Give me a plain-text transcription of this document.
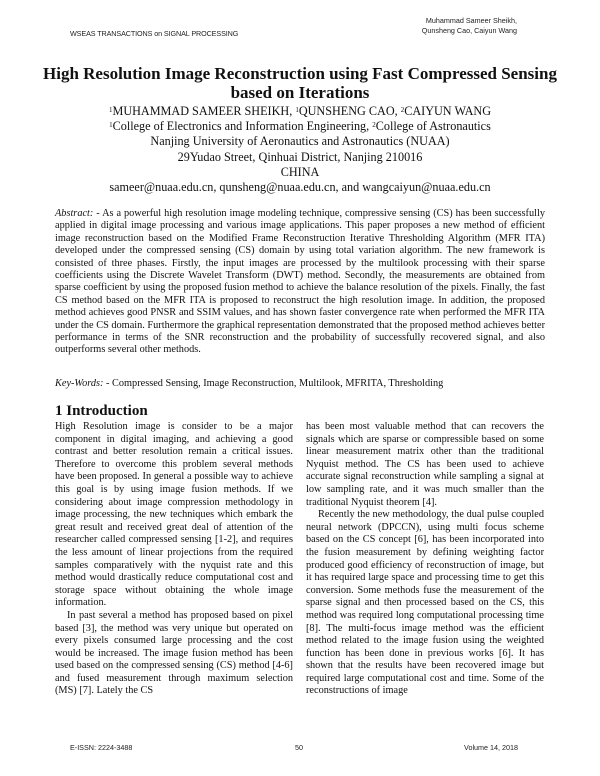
WSEAS TRANSACTIONS on SIGNAL PROCESSING
Muhammad Sameer Sheikh,
Qunsheng Cao, Caiyun Wang
High Resolution Image Reconstruction using Fast Compressed Sensing
based on Iterations
$^1$MUHAMMAD SAMEER SHEIKH, $^1$QUNSHENG CAO, $^2$CAIYUN WANG
$^1$College of Electronics and Information Engineering, $^2$College of Astronautics
Nanjing University of Aeronautics and Astronautics (NUAA)
29Yudao Street, Qinhuai District, Nanjing 210016
CHINA
sameer@nuaa.edu.cn, qunsheng@nuaa.edu.cn, and wangcaiyun@nuaa.edu.cn
Abstract: - As a powerful high resolution image modeling technique, compressive sensing (CS) has been successfully applied in digital image processing and various image applications. This paper proposes a new method of efficient image reconstruction based on the Modified Frame Reconstruction Iterative Thresholding Algorithm (MFR ITA) developed under the compressed sensing (CS) domain by using total variation algorithm. The new framework is consisted of three phases. Firstly, the input images are processed by the multilook processing with their sparse coefficients using the Discrete Wavelet Transform (DWT) method. Secondly, the measurements are obtained from sparse coefficient by using the proposed fusion method to achieve the balance resolution of the pixels. Finally, the fast CS method based on the MFR ITA is proposed to reconstruct the high resolution image. In addition, the proposed method achieves good PNSR and SSIM values, and has shown faster convergence rate when performed the MFR ITA under the CS domain. Furthermore the graphical representation demonstrated that the proposed method achieves better performance in terms of the SNR reconstruction and the probability of successfully recovered signal, and also outperforms several other methods.
Key-Words: - Compressed Sensing, Image Reconstruction, Multilook, MFRITA, Thresholding
1 Introduction

High Resolution image is consider to be a major component in digital imaging, and achieving a good contrast and better resolution remain a critical issues. Therefore to overcome this problem several methods have been proposed. In general a possible way to achieve this goal is by using image fusion methods. If we considering about image compression methodology in image processing, the new techniques which embark the great result and received great deal of attention of the researcher called compressed sensing [1-2], and requires the less amount of linear projections from the required samples comparatively with the nyquist rate and this method would drastically reduce computational cost and storage space without obtaining the whole image information.

In past several a method has proposed based on pixel based [3], the method was very unique but operated on every pixels consumed large processing and the cost would be increased. The image fusion method has been used based on the compressed sensing (CS) method [4-6] and fused measurement through maximum selection (MS) [7]. Lately the CS

has been most valuable method that can recovers the signals which are sparse or compressible based on some linear measurement matrix other than the traditional Nyquist method. The CS has been used to achieve accurate signal reconstruction while sampling a signal at low sampling rate, and it was much smaller than the traditional Nyquist theorem [4].

Recently the new methodology, the dual pulse coupled neural network (DPCCN), using multi focus scheme based on the CS concept [6], has been incorporated into the fusion measurement by defining weighting factor produced good efficiency of reconstruction of image, but it has required large space and processing time to get this conversion. Some methods fuse the measurement of the sparse signal and then processed based on the CS, this method was required long computational processing time [8]. The multi-focus image method was the efficient method related to the image fusion using the weighted function has been done in previous works [6]. It has shown that the results have been recovered image but required large computational cost and time. Some of the reconstructions of image

E-ISSN: 2224-3488	50	Volume 14, 2018
